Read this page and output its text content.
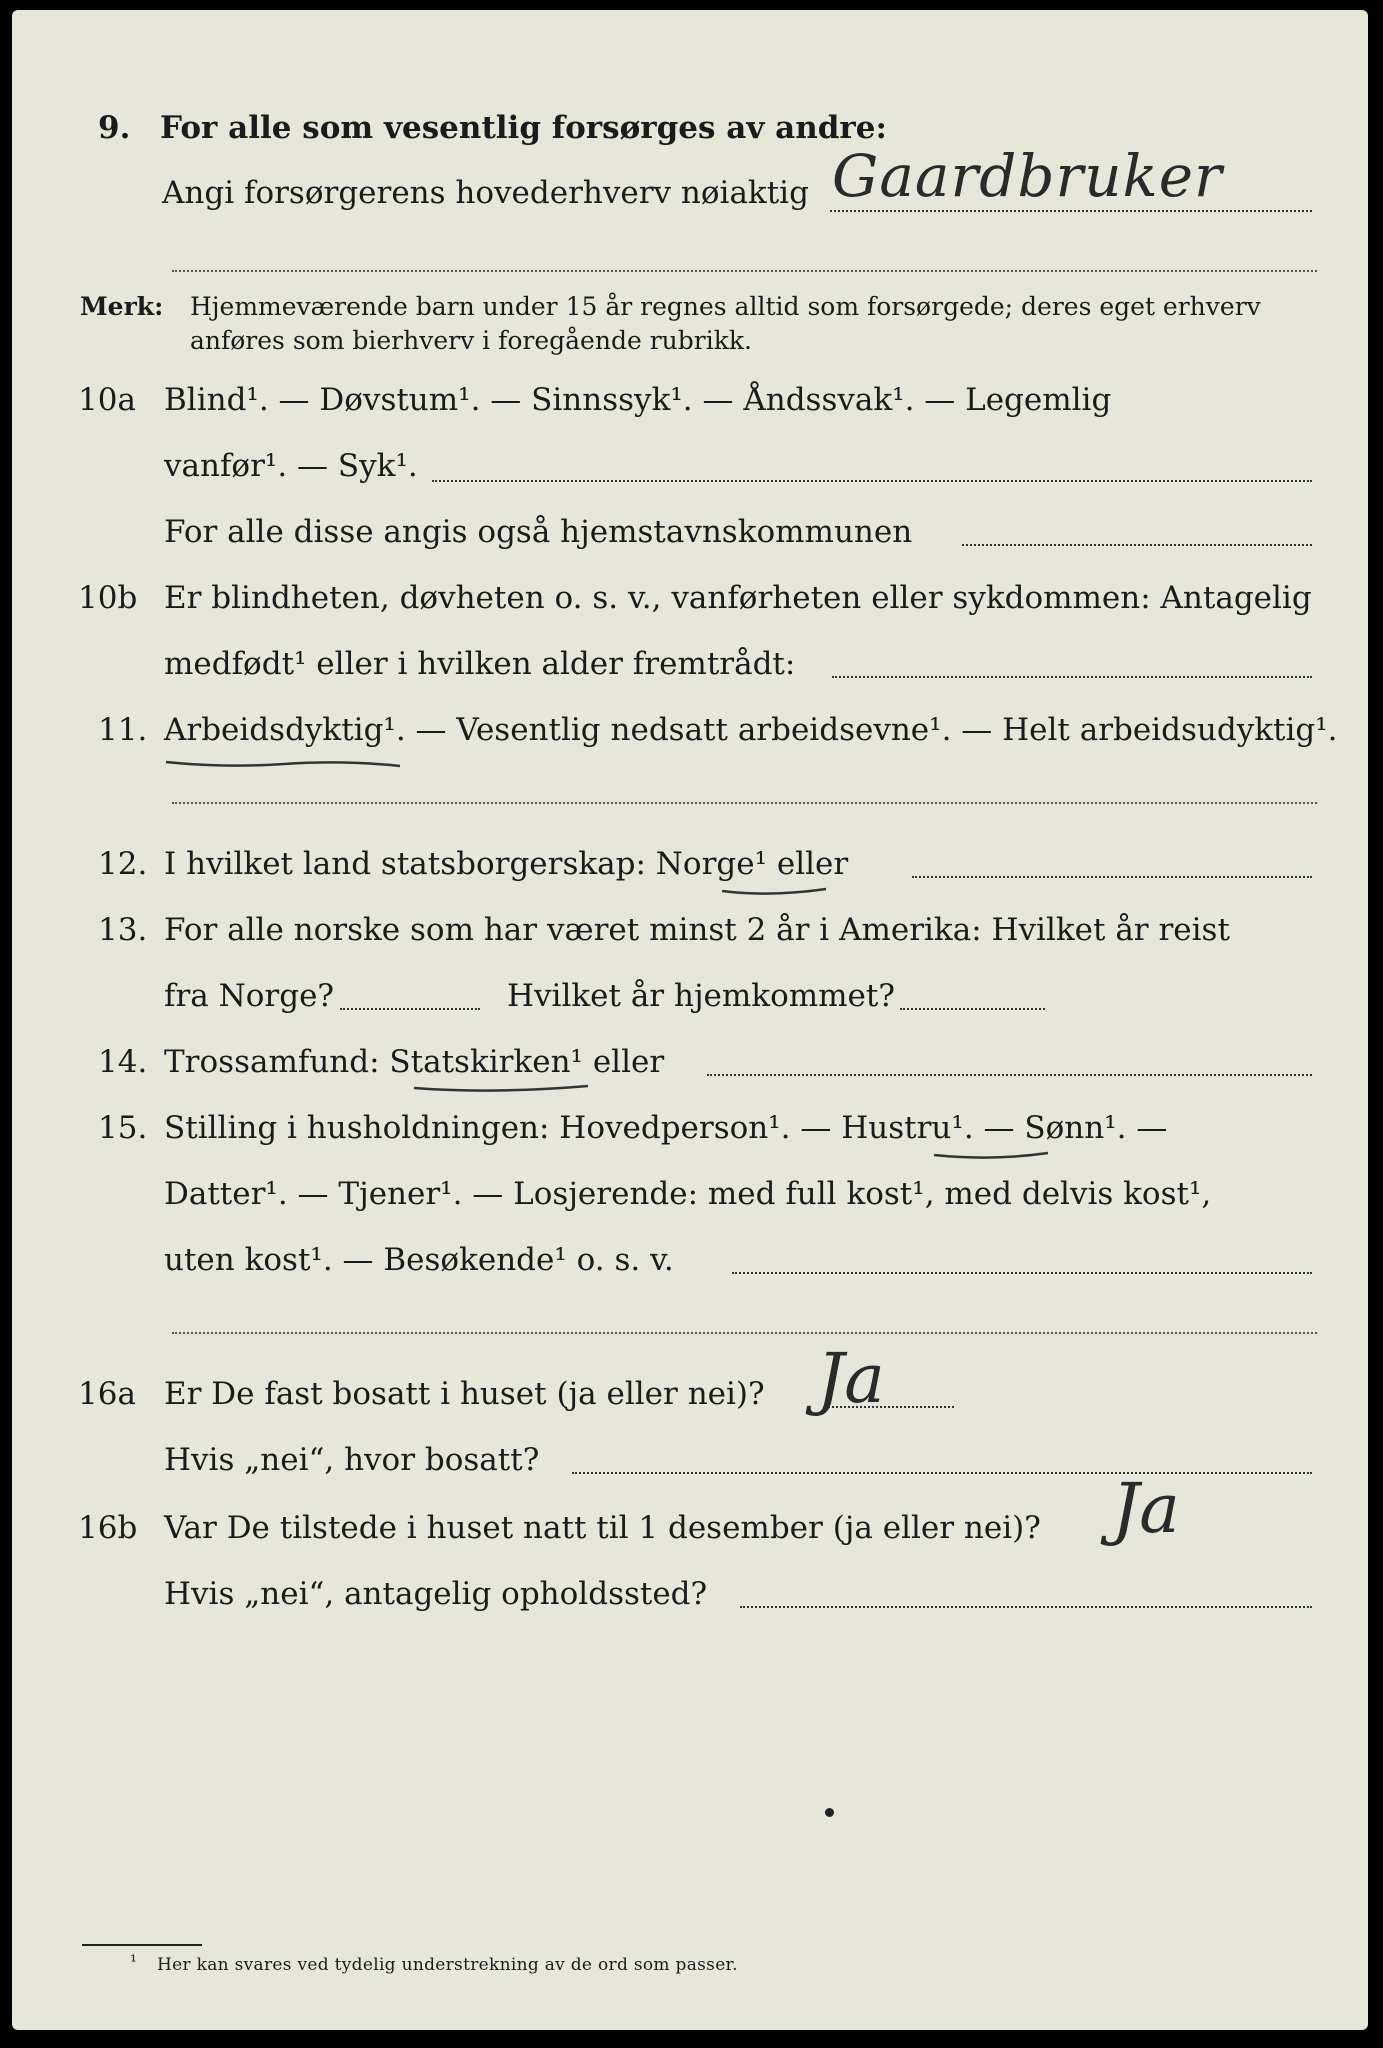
9. For alle som vesentlig forsørges av andre:
Angi forsørgerens hovederhverv nøiaktig Gaardbruker
Merk: Hjemmeværende barn under 15 år regnes alltid som forsørgede; deres eget erhverv
anføres som bierhverv i foregående rubrikk.
10a Blind¹. — Døvstum¹. — Sinnssyk¹. — Åndssvak¹. — Legemlig
vanfør¹. — Syk¹.
For alle disse angis også hjemstavnskommunen
10b Er blindheten, døvheten o. s. v., vanførheten eller sykdommen: Antagelig
medfødt¹ eller i hvilken alder fremtrådt:
11. Arbeidsdyktig¹. — Vesentlig nedsatt arbeidsevne¹. — Helt arbeidsudyktig¹.
12. I hvilket land statsborgerskap: Norge¹ eller
13. For alle norske som har været minst 2 år i Amerika: Hvilket år reist
fra Norge?	Hvilket år hjemkommet?
14. Trossamfund: Statskirken¹ eller
15. Stilling i husholdningen: Hovedperson¹. — Hustru¹. — Sønn¹. —
Datter¹. — Tjener¹. — Losjerende: med full kost¹, med delvis kost¹,
uten kost¹. — Besøkende¹ o. s. v.
16a Er De fast bosatt i huset (ja eller nei)? Ja
Hvis „nei“, hvor bosatt?
16b Var De tilstede i huset natt til 1 desember (ja eller nei)? Ja
Hvis „nei“, antagelig opholdssted?
¹ Her kan svares ved tydelig understrekning av de ord som passer.
